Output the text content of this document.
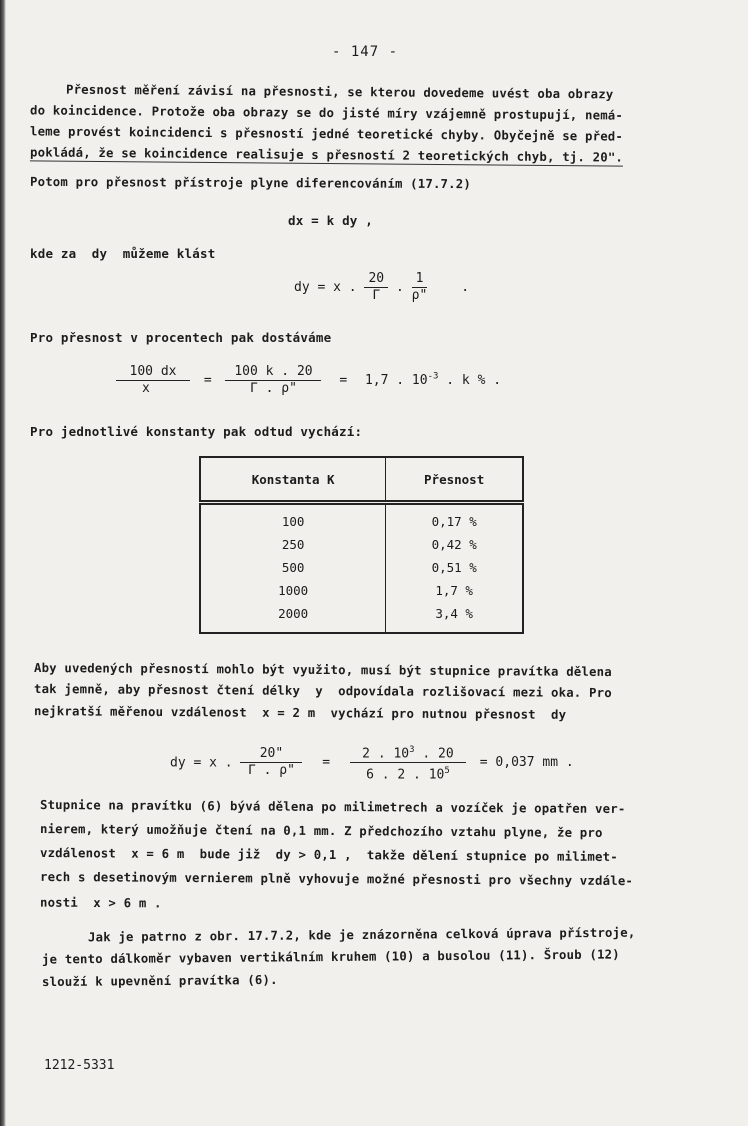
- 147 -
Přesnost měření závisí na přesnosti, se kterou dovedeme uvést oba obrazy
do koincidence. Protože oba obrazy se do jisté míry vzájemně prostupují, nemá-
leme provést koincidenci s přesností jedné teoretické chyby. Obyčejně se před-
pokládá, že se koincidence realisuje s přesností 2 teoretických chyb, tj. 20".
Potom pro přesnost přístroje plyne diferencováním (17.7.2)
dx = k dy ,
kde za  dy  můžeme klást
dy = x . $\frac{20}{\Gamma}$ . $\frac{1}{\rho"}$	.
Pro přesnost v procentech pak dostáváme
$\frac{100 dx}{x} = \frac{100 k . 20}{\Gamma . \rho"} = 1,7$ . $10^{-3}$ . k % .
Pro jednotlivé konstanty pak odtud vychází:
Konstanta K	Přesnost
100	0,17 %
250	0,42 %
500	0,51 %
1000	1,7 %
2000	3,4 %
Aby uvedených přesností mohlo být využito, musí být stupnice pravítka dělena
tak jemně, aby přesnost čtení délky  y  odpovídala rozlišovací mezi oka. Pro
nejkratší měřenou vzdálenost  x = 2 m  vychází pro nutnou přesnost  dy
dy = x . $\frac{20"}{\Gamma . \rho"} = \frac{2 . 10^3 . 20}{6 . 2 . 10^5} = 0,037$ mm .
Stupnice na pravítku (6) bývá dělena po milimetrech a vozíček je opatřen ver-
nierem, který umožňuje čtení na 0,1 mm. Z předchozího vztahu plyne, že pro
vzdálenost  x = 6 m  bude již  dy > 0,1 ,  takže dělení stupnice po milimet-
rech s desetinovým vernierem plně vyhovuje možné přesnosti pro všechny vzdále-
nosti  x > 6 m .
Jak je patrno z obr. 17.7.2, kde je znázorněna celková úprava přístroje,
je tento dálkoměr vybaven vertikálním kruhem (10) a busolou (11). Šroub (12)
slouží k upevnění pravítka (6).
1212-5331
